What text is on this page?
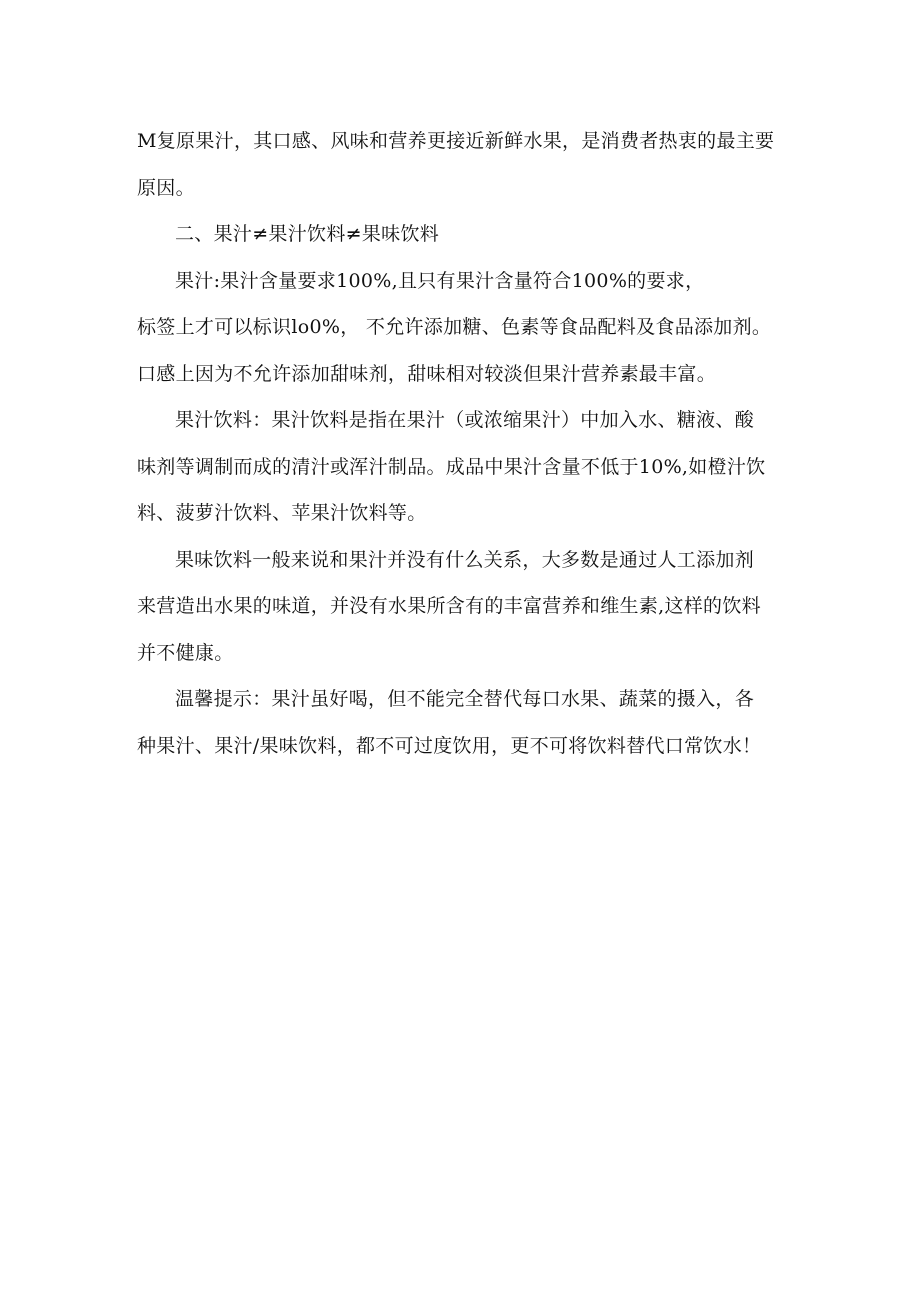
M复原果汁，其口感、风味和营养更接近新鲜水果，是消费者热衷的最主要
原因。

二、果汁≠果汁饮料≠果味饮料

果汁:果汁含量要求100%,且只有果汁含量符合100%的要求，
标签上才可以标识lo0%， 不允许添加糖、色素等食品配料及食品添加剂。
口感上因为不允许添加甜味剂，甜味相对较淡但果汁营养素最丰富。

果汁饮料：果汁饮料是指在果汁（或浓缩果汁）中加入水、糖液、酸
味剂等调制而成的清汁或浑汁制品。成品中果汁含量不低于10%,如橙汁饮
料、菠萝汁饮料、苹果汁饮料等。

果味饮料一般来说和果汁并没有什么关系，大多数是通过人工添加剂
来营造出水果的味道，并没有水果所含有的丰富营养和维生素,这样的饮料
并不健康。

温馨提示：果汁虽好喝，但不能完全替代每口水果、蔬菜的摄入，各
种果汁、果汁/果味饮料，都不可过度饮用，更不可将饮料替代口常饮水！
